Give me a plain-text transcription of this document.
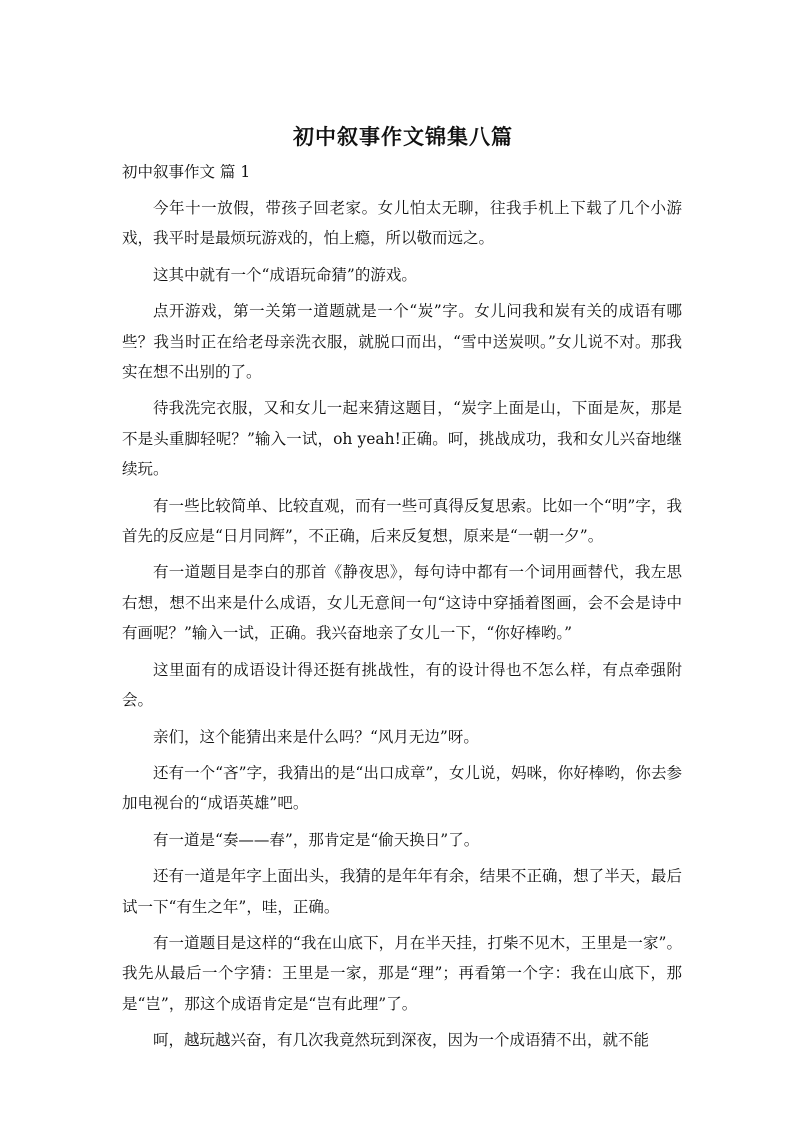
初中叙事作文锦集八篇
初中叙事作文 篇 1

今年十一放假，带孩子回老家。女儿怕太无聊，往我手机上下载了几个小游戏，我平时是最烦玩游戏的，怕上瘾，所以敬而远之。

这其中就有一个“成语玩命猜”的游戏。

点开游戏，第一关第一道题就是一个“炭”字。女儿问我和炭有关的成语有哪些？我当时正在给老母亲洗衣服，就脱口而出，“雪中送炭呗。”女儿说不对。那我实在想不出别的了。

待我洗完衣服，又和女儿一起来猜这题目，“炭字上面是山，下面是灰，那是不是头重脚轻呢？”输入一试，oh yeah!正确。呵，挑战成功，我和女儿兴奋地继续玩。

有一些比较简单、比较直观，而有一些可真得反复思索。比如一个“明”字，我首先的反应是“日月同辉”，不正确，后来反复想，原来是“一朝一夕”。

有一道题目是李白的那首《静夜思》，每句诗中都有一个词用画替代，我左思右想，想不出来是什么成语，女儿无意间一句“这诗中穿插着图画，会不会是诗中有画呢？”输入一试，正确。我兴奋地亲了女儿一下，“你好棒哟。”

这里面有的成语设计得还挺有挑战性，有的设计得也不怎么样，有点牵强附会。

亲们，这个能猜出来是什么吗？“风月无边”呀。

还有一个“吝”字，我猜出的是“出口成章”，女儿说，妈咪，你好棒哟，你去参加电视台的“成语英雄”吧。

有一道是“奏——春”，那肯定是“偷天换日”了。

还有一道是年字上面出头，我猜的是年年有余，结果不正确，想了半天，最后试一下“有生之年”，哇，正确。

有一道题目是这样的“我在山底下，月在半天挂，打柴不见木，王里是一家”。我先从最后一个字猜：王里是一家，那是“理”；再看第一个字：我在山底下，那是“岂”，那这个成语肯定是“岂有此理”了。

呵，越玩越兴奋，有几次我竟然玩到深夜，因为一个成语猜不出，就不能
